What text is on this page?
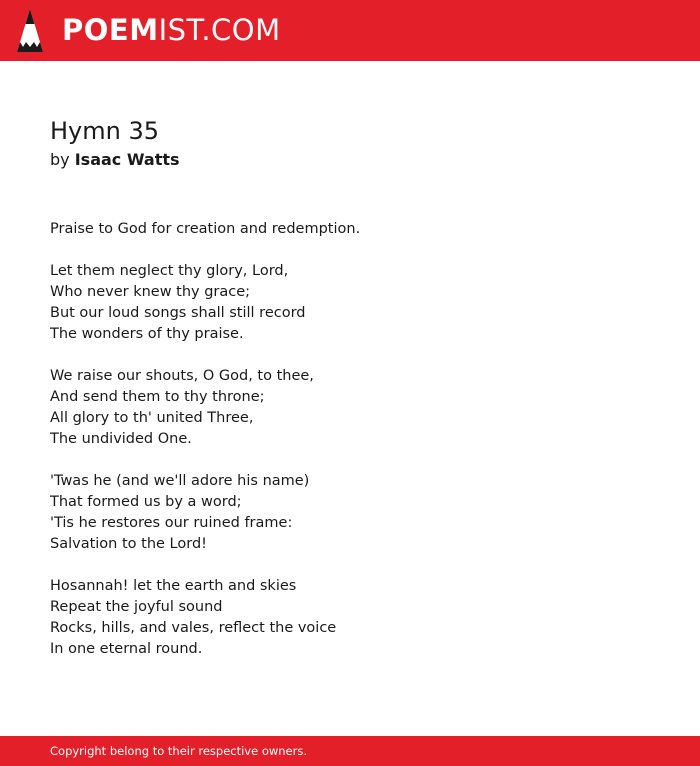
POEMIST.COM
Hymn 35
by Isaac Watts
Praise to God for creation and redemption.
Let them neglect thy glory, Lord,
Who never knew thy grace;
But our loud songs shall still record
The wonders of thy praise.
We raise our shouts, O God, to thee,
And send them to thy throne;
All glory to th' united Three,
The undivided One.
'Twas he (and we'll adore his name)
That formed us by a word;
'Tis he restores our ruined frame:
Salvation to the Lord!
Hosannah! let the earth and skies
Repeat the joyful sound
Rocks, hills, and vales, reflect the voice
In one eternal round.
Copyright belong to their respective owners.
